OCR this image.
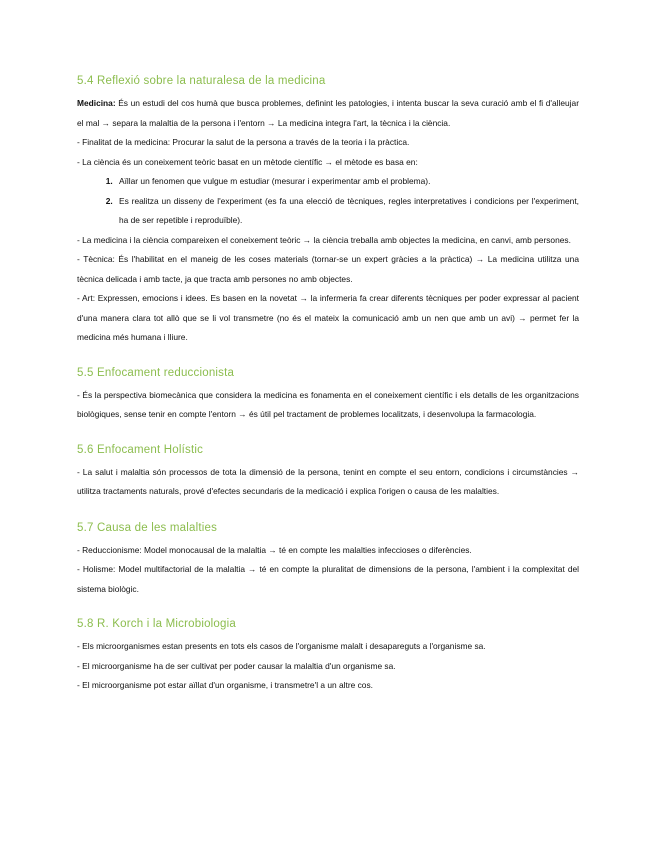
5.4 Reflexió sobre la naturalesa de la medicina

Medicina: És un estudi del cos humà que busca problemes, definint les patologies, i intenta buscar la seva curació amb el fi d'alleujar el mal → separa la malaltia de la persona i l'entorn → La medicina integra l'art, la tècnica i la ciència.

- Finalitat de la medicina: Procurar la salut de la persona a través de la teoria i la pràctica.

- La ciència és un coneixement teòric basat en un mètode científic → el mètode es basa en:

1. Aïllar un fenomen que vulgue m estudiar (mesurar i experimentar amb el problema).
2. Es realitza un disseny de l'experiment (es fa una elecció de tècniques, regles interpretatives i condicions per l'experiment, ha de ser repetible i reproduïble).

- La medicina i la ciència compareixen el coneixement teòric → la ciència treballa amb objectes la medicina, en canvi, amb persones.

- Tècnica: És l'habilitat en el maneig de les coses materials (tornar-se un expert gràcies a la pràctica) → La medicina utilitza una tècnica delicada i amb tacte, ja que tracta amb persones no amb objectes.

- Art: Expressen, emocions i idees. Es basen en la novetat → la infermeria fa crear diferents tècniques per poder expressar al pacient d'una manera clara tot allò que se li vol transmetre (no és el mateix la comunicació amb un nen que amb un avi) → permet fer la medicina més humana i lliure.

5.5 Enfocament reduccionista

- És la perspectiva biomecànica que considera la medicina es fonamenta en el coneixement científic i els detalls de les organitzacions biològiques, sense tenir en compte l'entorn → és útil pel tractament de problemes localitzats, i desenvolupa la farmacologia.

5.6 Enfocament Holístic

- La salut i malaltia són processos de tota la dimensió de la persona, tenint en compte el seu entorn, condicions i circumstàncies → utilitza tractaments naturals, prové d'efectes secundaris de la medicació i explica l'origen o causa de les malalties.

5.7 Causa de les malalties

- Reduccionisme: Model monocausal de la malaltia → té en compte les malalties infeccioses o diferències.

- Holisme: Model multifactorial de la malaltia → té en compte la pluralitat de dimensions de la persona, l'ambient i la complexitat del sistema biològic.

5.8 R. Korch i la Microbiologia

- Els microorganismes estan presents en tots els casos de l'organisme malalt i desapareguts a l'organisme sa.

- El microorganisme ha de ser cultivat per poder causar la malaltia d'un organisme sa.

- El microorganisme pot estar aïllat d'un organisme, i transmetre'l a un altre cos.
